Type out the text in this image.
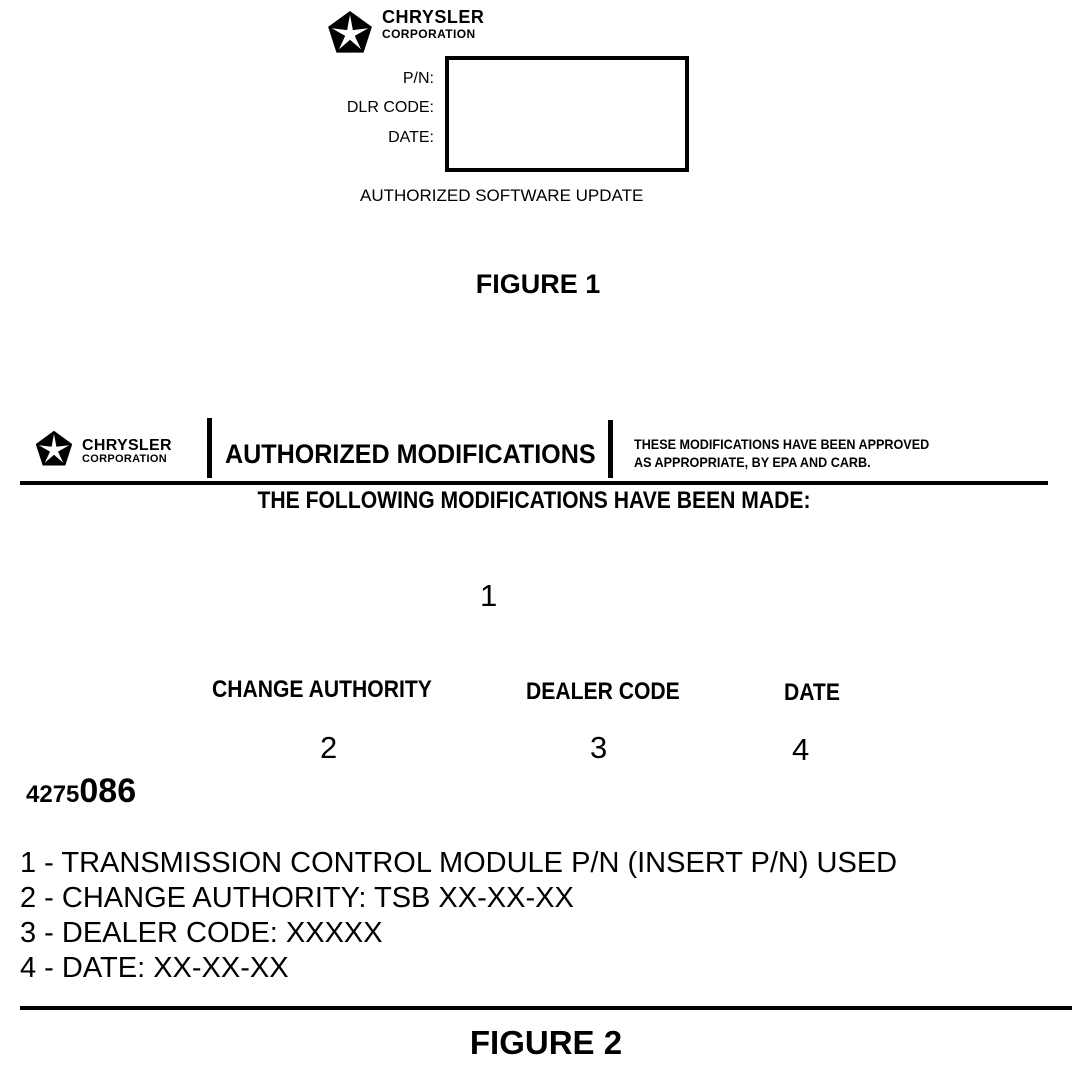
CHRYSLER
CORPORATION
P/N:
DLR CODE:
DATE:
AUTHORIZED SOFTWARE UPDATE
FIGURE 1
CHRYSLER
CORPORATION AUTHORIZED MODIFICATIONS	THESE MODIFICATIONS HAVE BEEN APPROVED
AS APPROPRIATE, BY EPA AND CARB.
THE FOLLOWING MODIFICATIONS HAVE BEEN MADE:
1
CHANGE AUTHORITY	DEALER CODE	DATE
2	3	4
4275086
1 - TRANSMISSION CONTROL MODULE P/N (INSERT P/N) USED
2 - CHANGE AUTHORITY: TSB XX-XX-XX
3 - DEALER CODE: XXXXX
4 - DATE: XX-XX-XX
FIGURE 2
